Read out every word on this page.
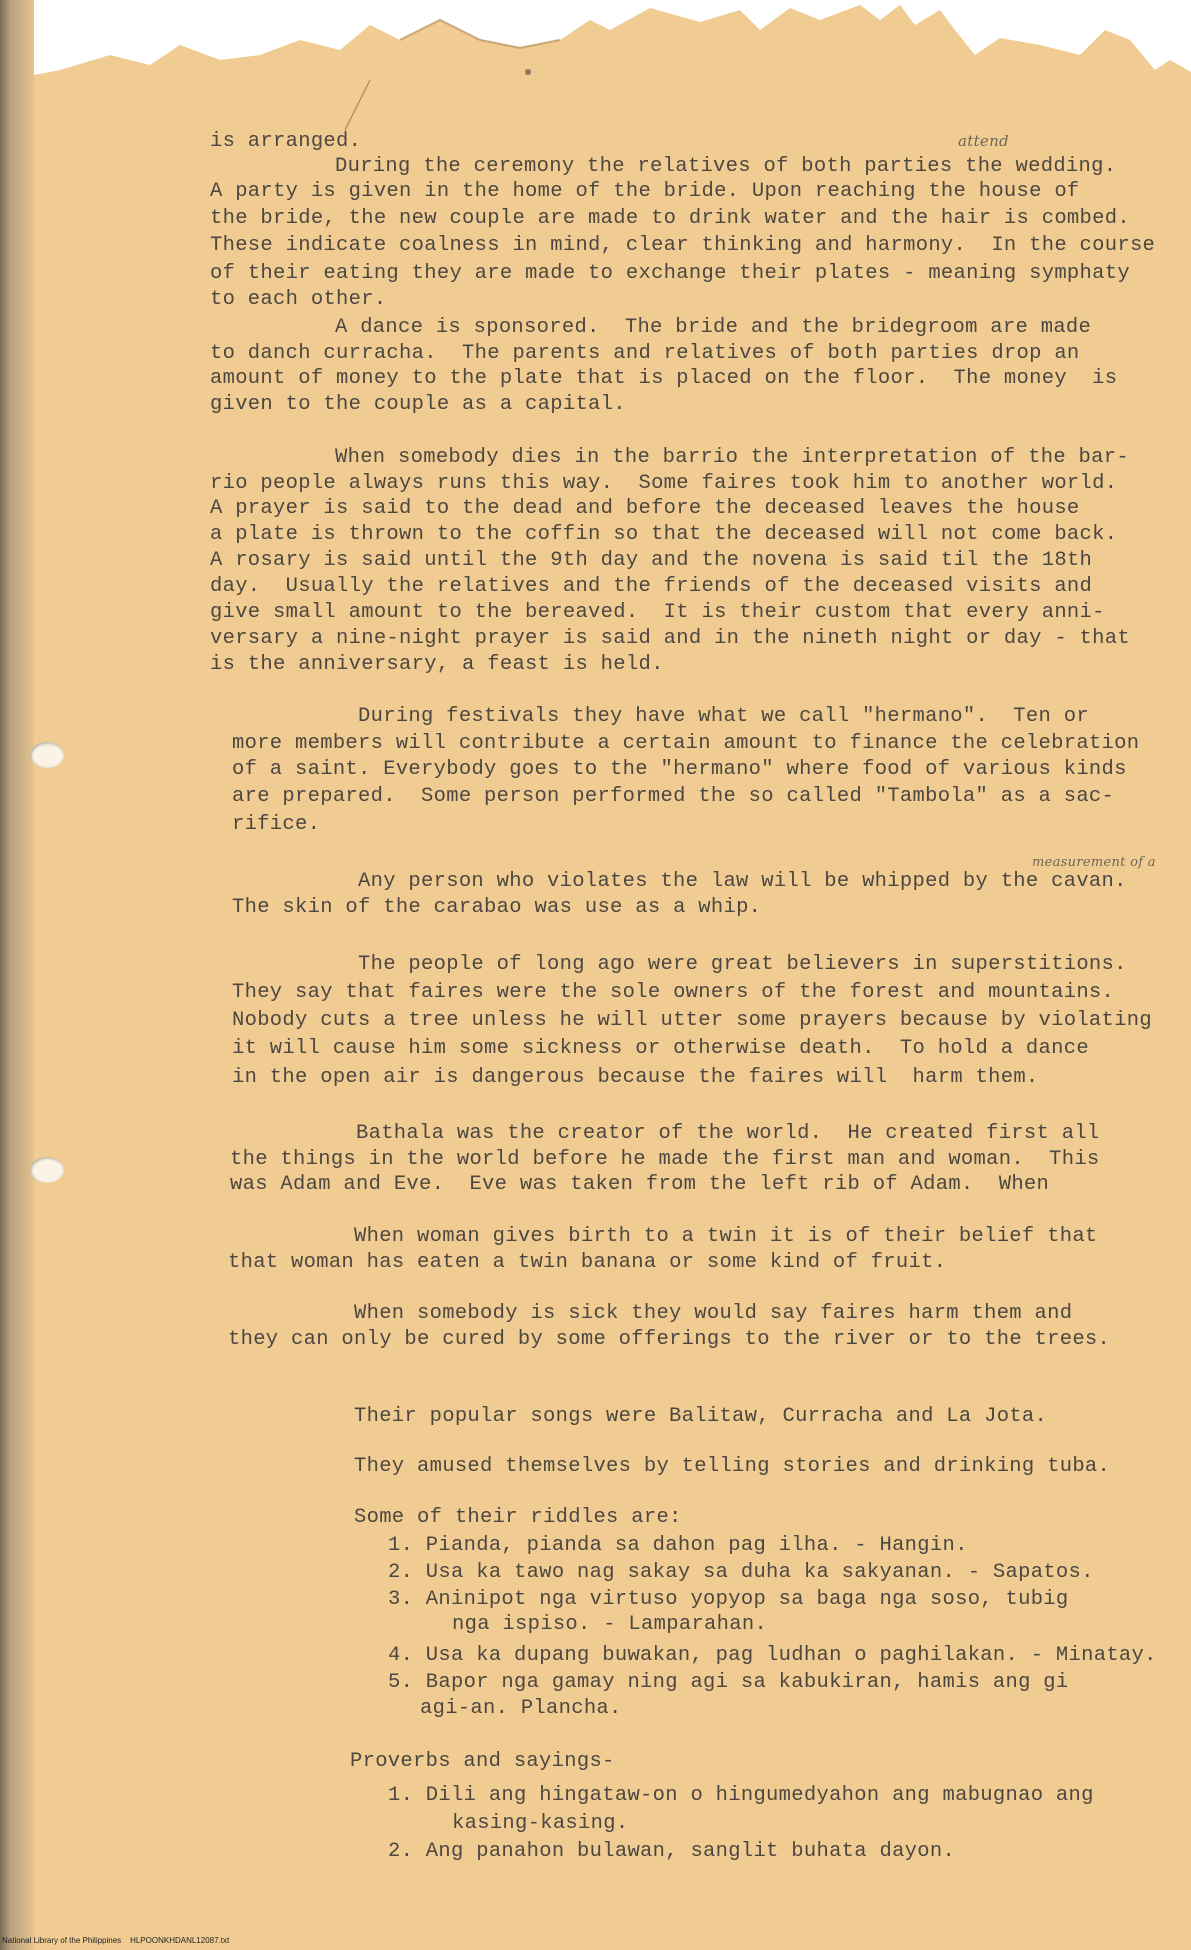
is arranged.
During the ceremony the relatives of both parties the wedding.
A party is given in the home of the bride. Upon reaching the house of
the bride, the new couple are made to drink water and the hair is combed.
These indicate coalness in mind, clear thinking and harmony.  In the course
of their eating they are made to exchange their plates - meaning symphaty
to each other.
A dance is sponsored.  The bride and the bridegroom are made
to danch curracha.  The parents and relatives of both parties drop an
amount of money to the plate that is placed on the floor.  The money  is
given to the couple as a capital.
When somebody dies in the barrio the interpretation of the bar-
rio people always runs this way.  Some faires took him to another world.
A prayer is said to the dead and before the deceased leaves the house
a plate is thrown to the coffin so that the deceased will not come back.
A rosary is said until the 9th day and the novena is said til the 18th
day.  Usually the relatives and the friends of the deceased visits and
give small amount to the bereaved.  It is their custom that every anni-
versary a nine-night prayer is said and in the nineth night or day - that
is the anniversary, a feast is held.
During festivals they have what we call "hermano".  Ten or
more members will contribute a certain amount to finance the celebration
of a saint. Everybody goes to the "hermano" where food of various kinds
are prepared.  Some person performed the so called "Tambola" as a sac-
rifice.
Any person who violates the law will be whipped by the cavan.
The skin of the carabao was use as a whip.
The people of long ago were great believers in superstitions.
They say that faires were the sole owners of the forest and mountains.
Nobody cuts a tree unless he will utter some prayers because by violating
it will cause him some sickness or otherwise death.  To hold a dance
in the open air is dangerous because the faires will  harm them.
Bathala was the creator of the world.  He created first all
the things in the world before he made the first man and woman.  This
was Adam and Eve.  Eve was taken from the left rib of Adam.  When
When woman gives birth to a twin it is of their belief that
that woman has eaten a twin banana or some kind of fruit.
When somebody is sick they would say faires harm them and
they can only be cured by some offerings to the river or to the trees.
Their popular songs were Balitaw, Curracha and La Jota.
They amused themselves by telling stories and drinking tuba.
Some of their riddles are:
1. Pianda, pianda sa dahon pag ilha. - Hangin.
2. Usa ka tawo nag sakay sa duha ka sakyanan. - Sapatos.
3. Aninipot nga virtuso yopyop sa baga nga soso, tubig
nga ispiso. - Lamparahan.
4. Usa ka dupang buwakan, pag ludhan o paghilakan. - Minatay.
5. Bapor nga gamay ning agi sa kabukiran, hamis ang gi
agi-an. Plancha.
Proverbs and sayings-
1. Dili ang hingataw-on o hingumedyahon ang mabugnao ang
kasing-kasing.
2. Ang panahon bulawan, sanglit buhata dayon.
attend
measurement of a
National Library of the Philippines    HLPOONKHDANL12087.txt
